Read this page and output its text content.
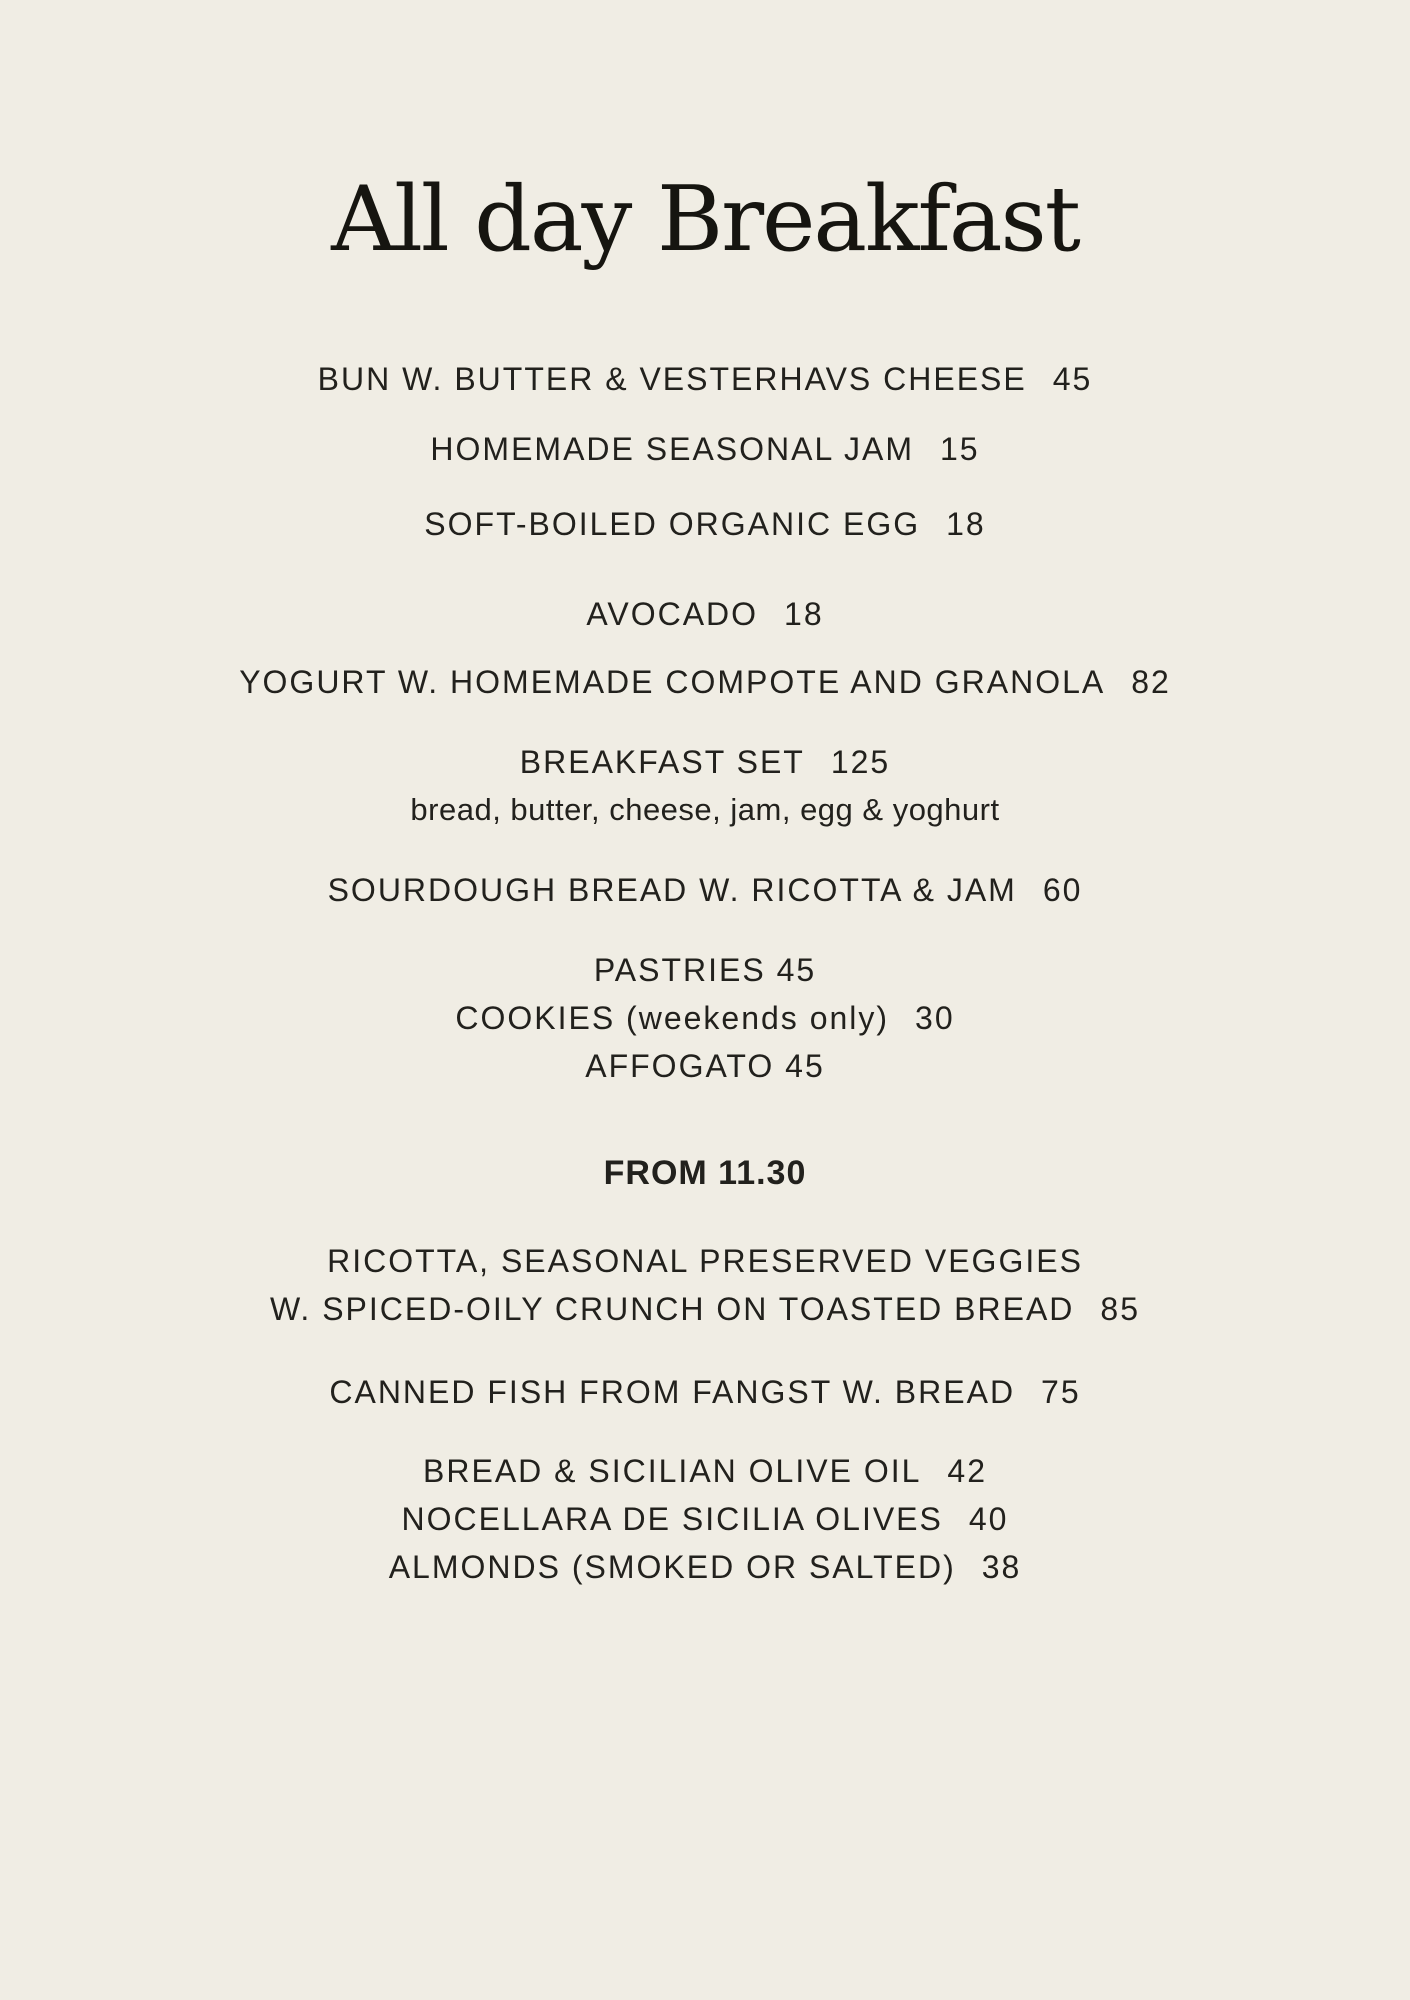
All day Breakfast

BUN W. BUTTER & VESTERHAVS CHEESE 45

HOMEMADE SEASONAL JAM 15

SOFT-BOILED ORGANIC EGG 18

AVOCADO 18

YOGURT W. HOMEMADE COMPOTE AND GRANOLA 82

BREAKFAST SET 125

bread, butter, cheese, jam, egg & yoghurt

SOURDOUGH BREAD W. RICOTTA & JAM 60

PASTRIES 45

COOKIES (weekends only) 30

AFFOGATO 45

FROM 11.30

RICOTTA, SEASONAL PRESERVED VEGGIES

W. SPICED-OILY CRUNCH ON TOASTED BREAD 85

CANNED FISH FROM FANGST W. BREAD 75

BREAD & SICILIAN OLIVE OIL 42

NOCELLARA DE SICILIA OLIVES 40

ALMONDS (SMOKED OR SALTED) 38
